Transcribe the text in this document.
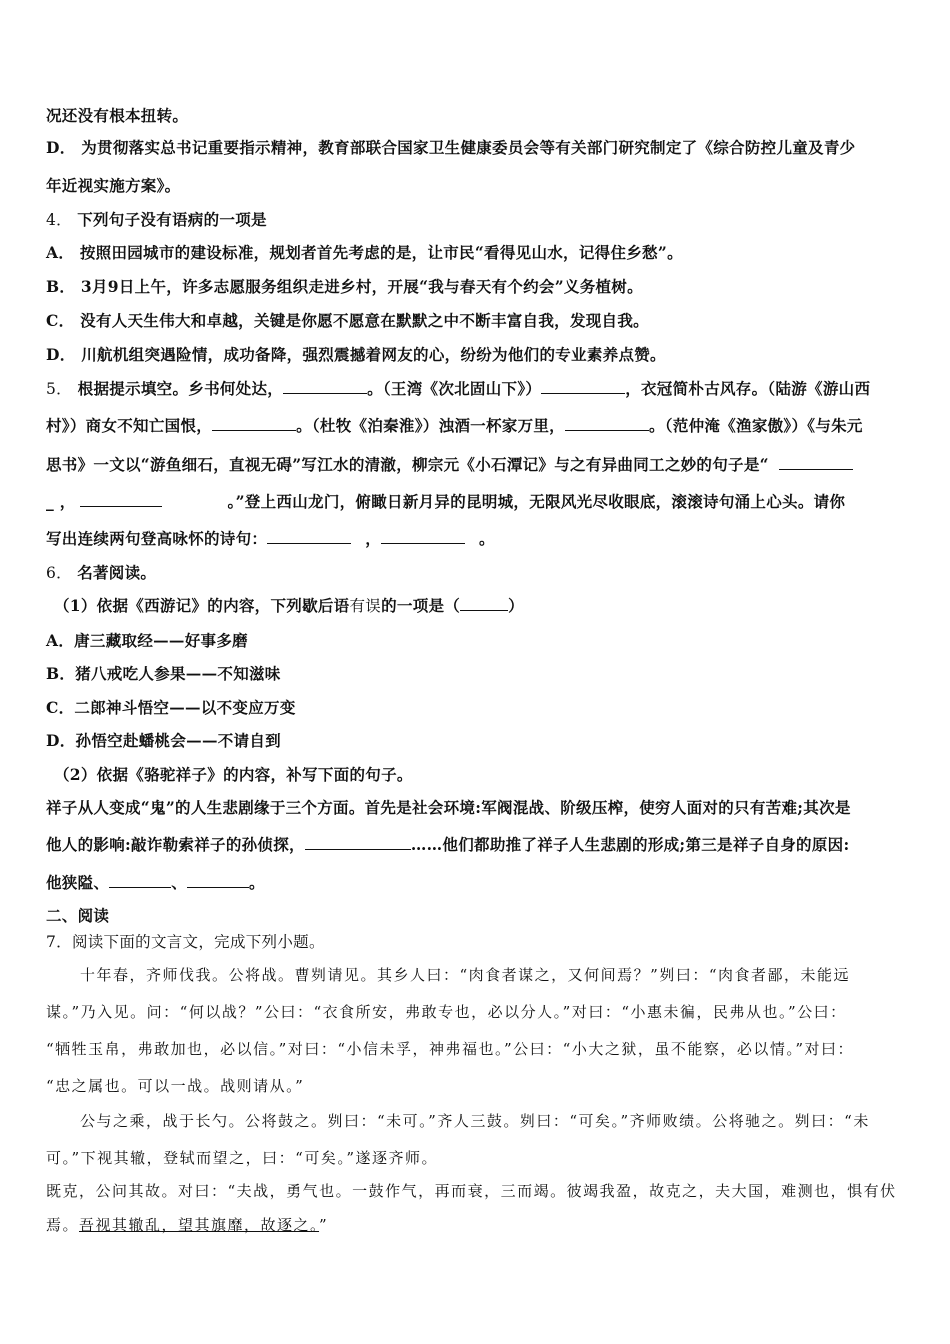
况还没有根本扭转。
D． 为贯彻落实总书记重要指示精神，教育部联合国家卫生健康委员会等有关部门研究制定了《综合防控儿童及青少
年近视实施方案》。
4． 下列句子没有语病的一项是
A． 按照田园城市的建设标准，规划者首先考虑的是，让市民“看得见山水，记得住乡愁”。
B． 3月9日上午，许多志愿服务组织走进乡村，开展“我与春天有个约会”义务植树。
C． 没有人天生伟大和卓越，关键是你愿不愿意在默默之中不断丰富自我，发现自我。
D． 川航机组突遇险情，成功备降，强烈震撼着网友的心，纷纷为他们的专业素养点赞。
5． 根据提示填空。乡书何处达，	。（王湾《次北固山下》）	，衣冠简朴古风存。（陆游《游山西
村》）商女不知亡国恨，	。（杜牧《泊秦淮》）浊酒一杯家万里，	。（范仲淹《渔家傲》）《与朱元
思书》一文以“游鱼细石，直视无碍”写江水的清澈，柳宗元《小石潭记》与之有异曲同工之妙的句子是“
_ ，	。”登上西山龙门，俯瞰日新月异的昆明城，无限风光尽收眼底，滚滚诗句涌上心头。请你
写出连续两句登高咏怀的诗句：	，	。
6． 名著阅读。
（1）依据《西游记》的内容，下列歇后语有误的一项是（	）
A．唐三藏取经——好事多磨
B．猪八戒吃人参果——不知滋味
C．二郎神斗悟空——以不变应万变
D．孙悟空赴蟠桃会——不请自到
（2）依据《骆驼祥子》的内容，补写下面的句子。
祥子从人变成“鬼”的人生悲剧缘于三个方面。首先是社会环境:军阀混战、阶级压榨，使穷人面对的只有苦难;其次是
他人的影响:敲诈勒索祥子的孙侦探，	……他们都助推了祥子人生悲剧的形成;第三是祥子自身的原因:
他狭隘、	、	。
二、阅读
7．阅读下面的文言文，完成下列小题。
十年春，齐师伐我。公将战。曹刿请见。其乡人曰：“肉食者谋之，又何间焉？”刿曰：“肉食者鄙，未能远
谋。”乃入见。问：“何以战？”公曰：“衣食所安，弗敢专也，必以分人。”对曰：“小惠未徧，民弗从也。”公曰：
“牺牲玉帛，弗敢加也，必以信。”对曰：“小信未孚，神弗福也。”公曰：“小大之狱，虽不能察，必以情。”对曰：
“忠之属也。可以一战。战则请从。”
公与之乘，战于长勺。公将鼓之。刿曰：“未可。”齐人三鼓。刿曰：“可矣。”齐师败绩。公将驰之。刿曰：“未
可。”下视其辙，登轼而望之，曰：“可矣。”遂逐齐师。
既克，公问其故。对曰：“夫战，勇气也。一鼓作气，再而衰，三而竭。彼竭我盈，故克之，夫大国，难测也，惧有伏
焉。吾视其辙乱，望其旗靡，故逐之。”
